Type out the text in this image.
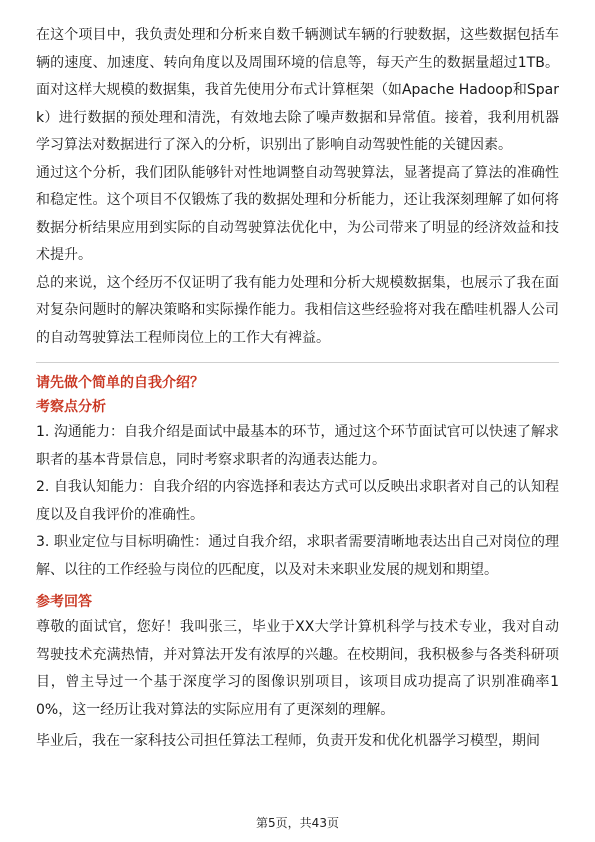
在这个项目中，我负责处理和分析来自数千辆测试车辆的行驶数据，这些数据包括车辆的速度、加速度、转向角度以及周围环境的信息等，每天产生的数据量超过1TB。面对这样大规模的数据集，我首先使用分布式计算框架（如Apache Hadoop和Spark）进行数据的预处理和清洗，有效地去除了噪声数据和异常值。接着，我利用机器学习算法对数据进行了深入的分析，识别出了影响自动驾驶性能的关键因素。

通过这个分析，我们团队能够针对性地调整自动驾驶算法，显著提高了算法的准确性和稳定性。这个项目不仅锻炼了我的数据处理和分析能力，还让我深刻理解了如何将数据分析结果应用到实际的自动驾驶算法优化中，为公司带来了明显的经济效益和技术提升。

总的来说，这个经历不仅证明了我有能力处理和分析大规模数据集，也展示了我在面对复杂问题时的解决策略和实际操作能力。我相信这些经验将对我在酷哇机器人公司的自动驾驶算法工程师岗位上的工作大有裨益。

请先做个简单的自我介绍？

考察点分析

1. 沟通能力：自我介绍是面试中最基本的环节，通过这个环节面试官可以快速了解求职者的基本背景信息，同时考察求职者的沟通表达能力。

2. 自我认知能力：自我介绍的内容选择和表达方式可以反映出求职者对自己的认知程度以及自我评价的准确性。

3. 职业定位与目标明确性：通过自我介绍，求职者需要清晰地表达出自己对岗位的理解、以往的工作经验与岗位的匹配度，以及对未来职业发展的规划和期望。

参考回答

尊敬的面试官，您好！我叫张三，毕业于XX大学计算机科学与技术专业，我对自动驾驶技术充满热情，并对算法开发有浓厚的兴趣。在校期间，我积极参与各类科研项目，曾主导过一个基于深度学习的图像识别项目，该项目成功提高了识别准确率10%，这一经历让我对算法的实际应用有了更深刻的理解。

毕业后，我在一家科技公司担任算法工程师，负责开发和优化机器学习模型，期间

第5页，共43页
